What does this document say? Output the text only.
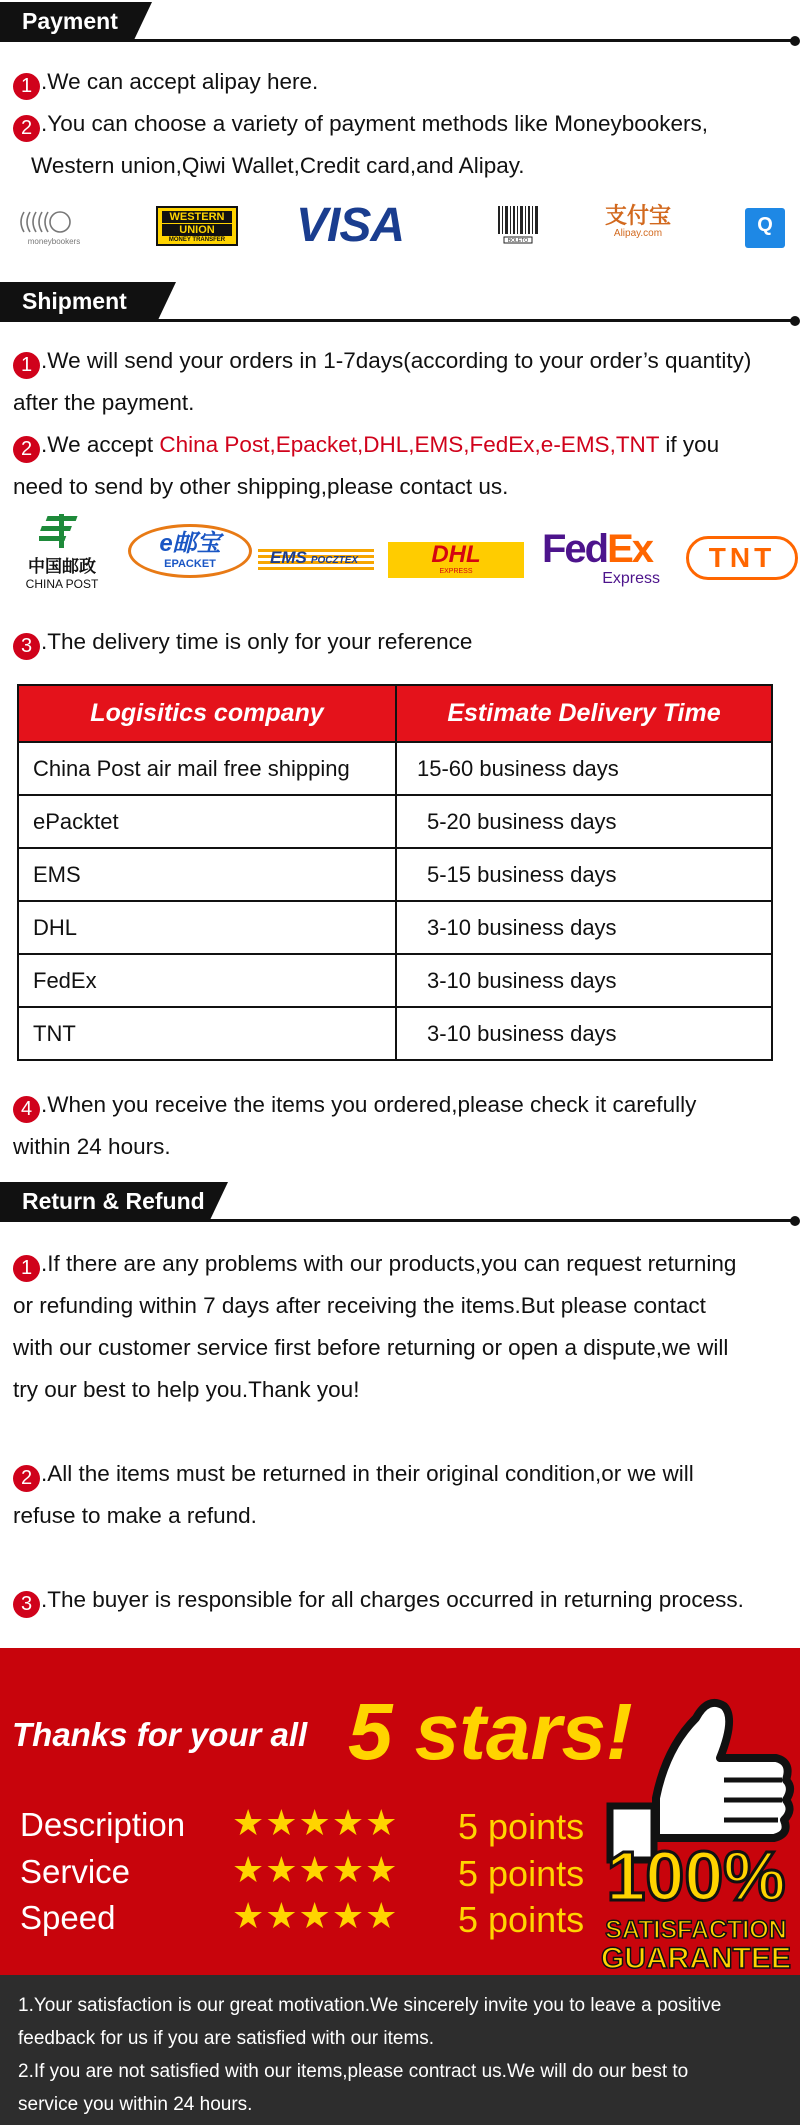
Payment
1 .We can accept alipay here.
2 .You can choose a variety of payment methods like Moneybookers,
Western union,Qiwi Wallet,Credit card,and Alipay.
moneybookers
WESTERN
UNION
MONEY TRANSFER VISA	BOLETO
支付宝
Alipay.com	Q
Shipment
1 .We will send your orders in 1-7days(according to your order’s quantity)
after the payment.
2 .We accept China Post,Epacket,DHL,EMS,FedEx,e-EMS,TNT if you
need to send by other shipping,please contact us.
中国邮政
CHINA POST
e邮宝
EPACKET	EMS POCZTEX	DHL
EXPRESS
FedEx
Express
TNT
3 .The delivery time is only for your reference
Logisitics company	Estimate Delivery Time
China Post air mail free shipping	15-60 business days
ePacktet	5-20 business days
EMS	5-15 business days
DHL	3-10 business days
FedEx	3-10 business days
TNT	3-10 business days
4 .When you receive the items you ordered,please check it carefully
within 24 hours.
Return & Refund
1 .If there are any problems with our products,you can request returning
or refunding within 7 days after receiving the items.But please contact
with our customer service first before returning or open a dispute,we will
try our best to help you.Thank you!
2 .All the items must be returned in their original condition,or we will
refuse to make a refund.
3 .The buyer is responsible for all charges occurred in returning process.
Thanks for your all 5 stars!
Description ★★★★★ 5 points
Service	★★★★★ 5 points
Speed	★★★★★ 5 points
100%
SATISFACTION
GUARANTEE

1.Your satisfaction is our great motivation.We sincerely invite you to leave a positive

feedback for us if you are satisfied with our items.

2.If you are not satisfied with our items,please contract us.We will do our best to

service you within 24 hours.
